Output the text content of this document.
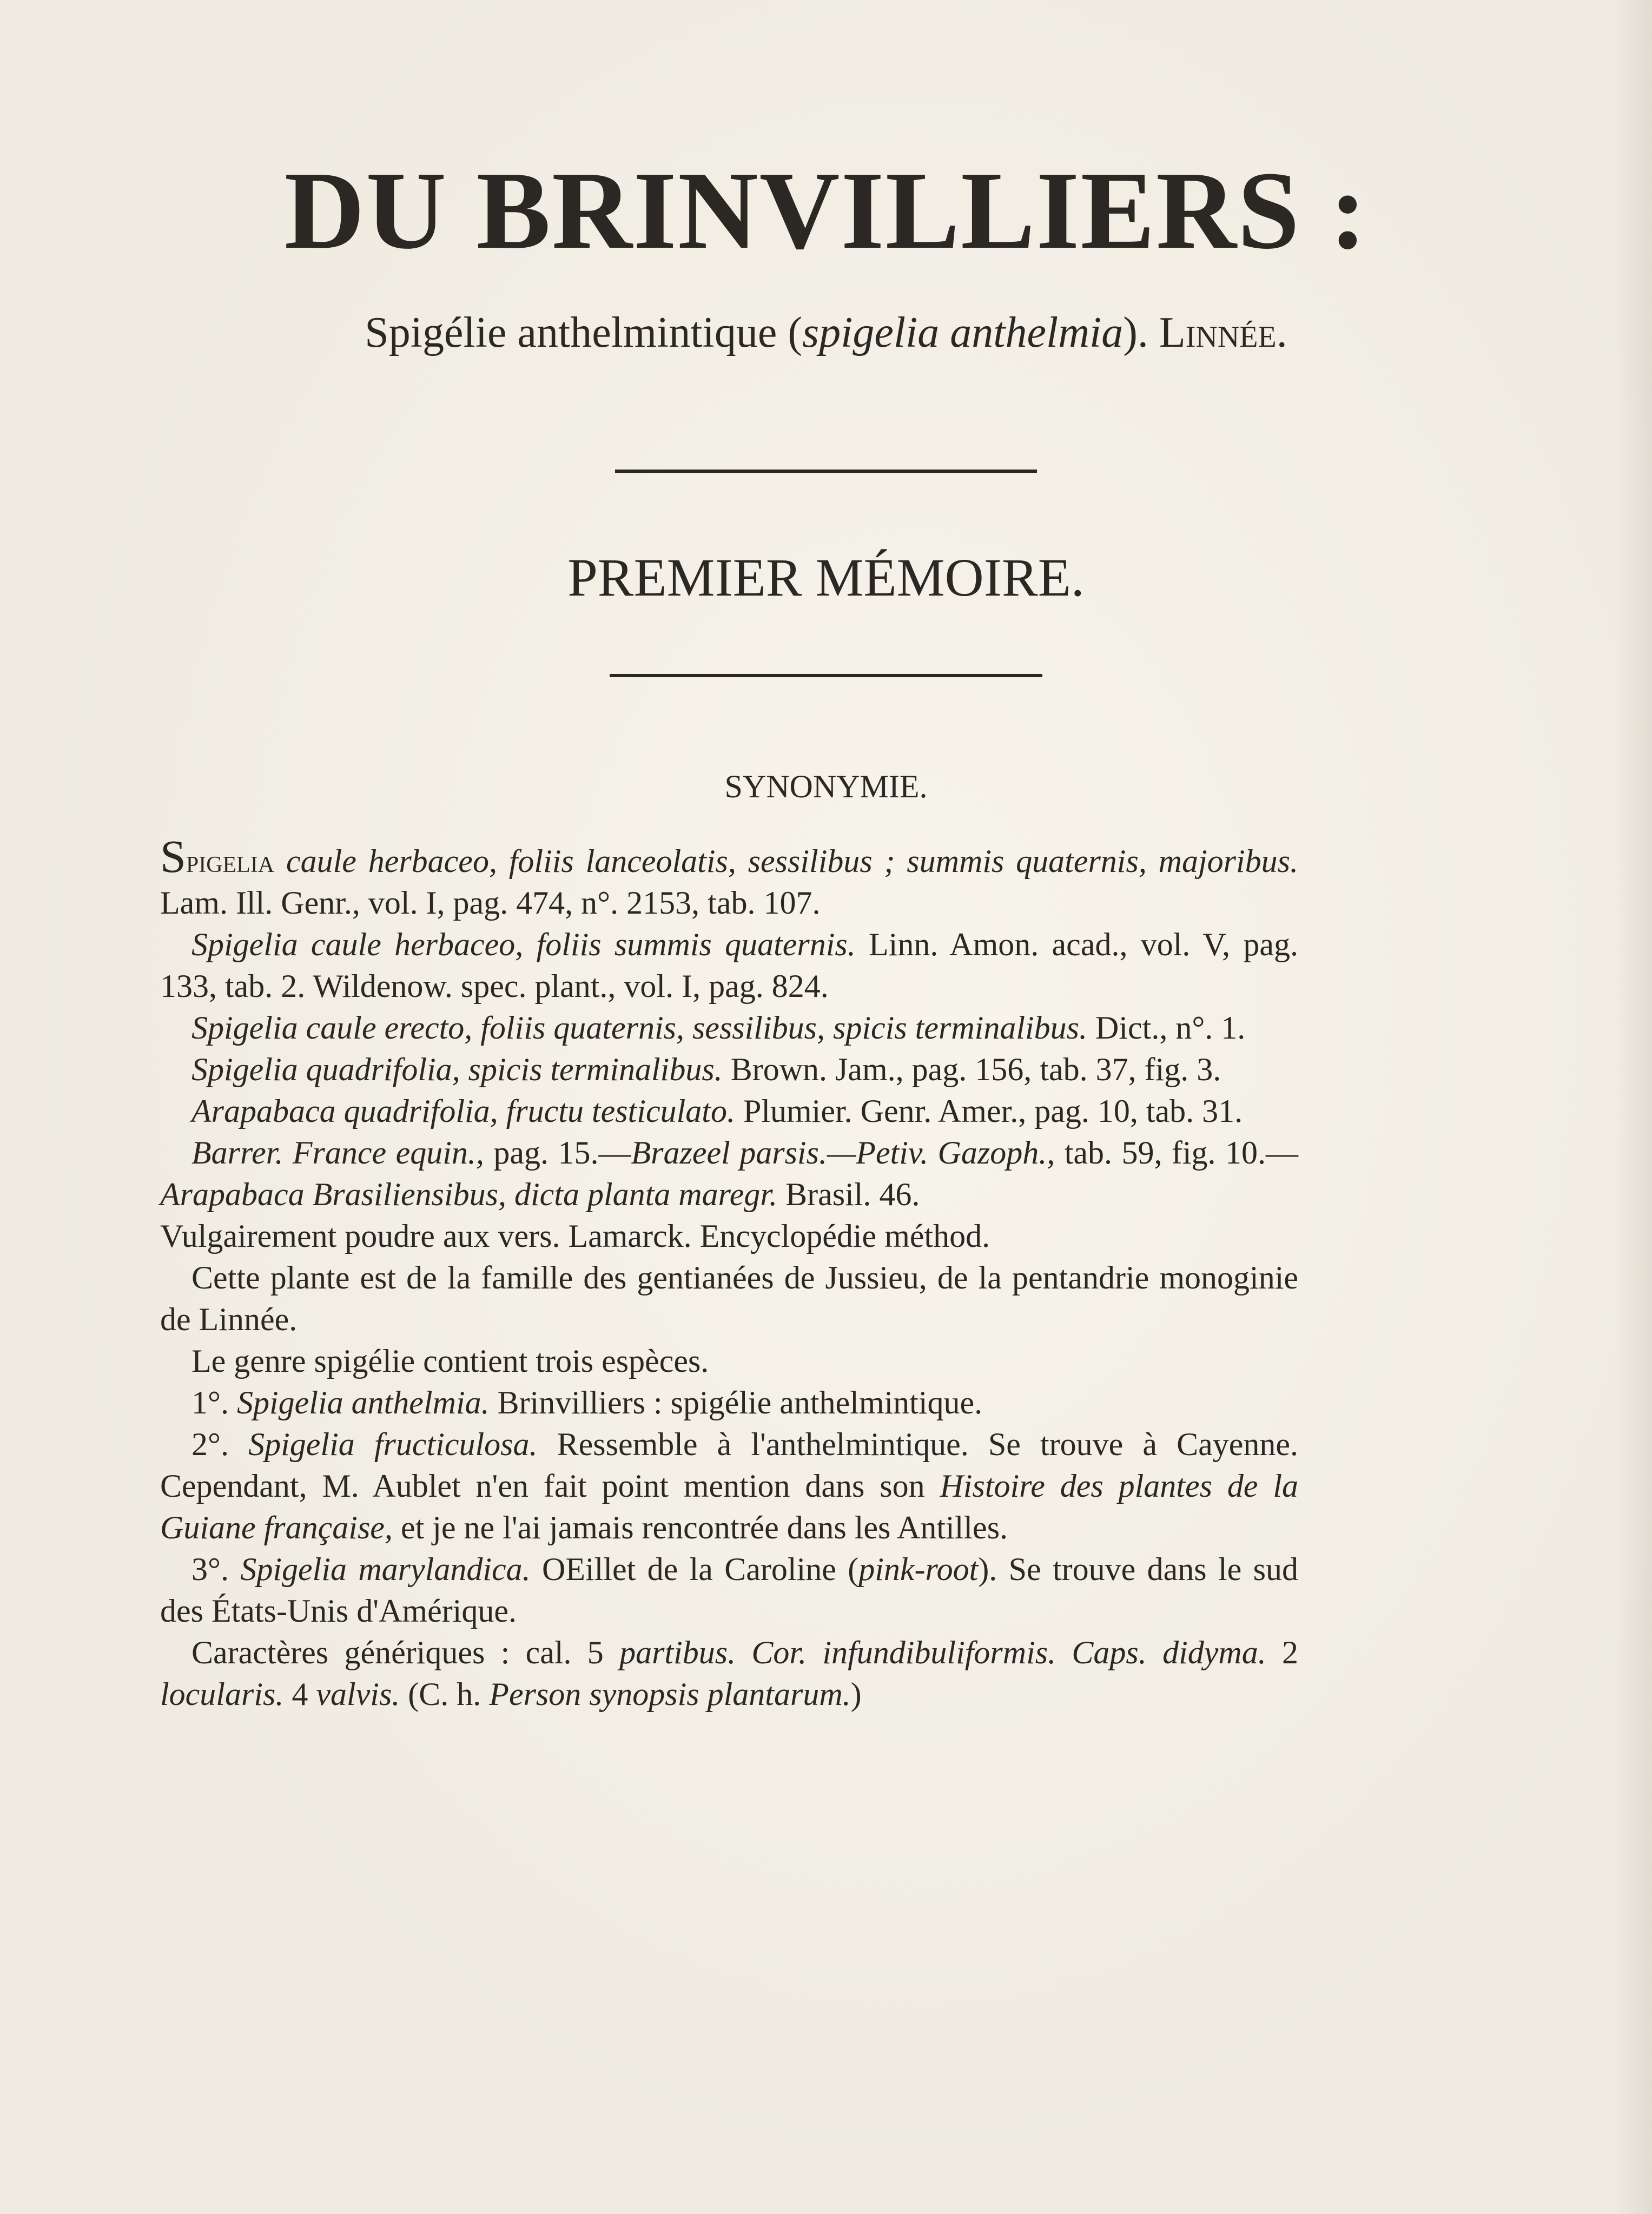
DU BRINVILLIERS :
Spigélie anthelmintique (spigelia anthelmia). Linnée.
PREMIER MÉMOIRE.
SYNONYMIE.

Spigelia caule herbaceo, foliis lanceolatis, sessilibus ; summis quaternis, majoribus. Lam. Ill. Genr., vol. I, pag. 474, n°. 2153, tab. 107.

Spigelia caule herbaceo, foliis summis quaternis. Linn. Amon. acad., vol. V, pag. 133, tab. 2. Wildenow. spec. plant., vol. I, pag. 824.

Spigelia caule erecto, foliis quaternis, sessilibus, spicis terminalibus. Dict., n°. 1.

Spigelia quadrifolia, spicis terminalibus. Brown. Jam., pag. 156, tab. 37, fig. 3.

Arapabaca quadrifolia, fructu testiculato. Plumier. Genr. Amer., pag. 10, tab. 31.

Barrer. France equin., pag. 15.—Brazeel parsis.—Petiv. Gazoph., tab. 59, fig. 10.—Arapabaca Brasiliensibus, dicta planta maregr. Brasil. 46.

Vulgairement poudre aux vers. Lamarck. Encyclopédie méthod.

Cette plante est de la famille des gentianées de Jussieu, de la pentandrie monoginie de Linnée.

Le genre spigélie contient trois espèces.

1°. Spigelia anthelmia. Brinvilliers : spigélie anthelmintique.

2°. Spigelia fructiculosa. Ressemble à l'anthelmintique. Se trouve à Cayenne. Cependant, M. Aublet n'en fait point mention dans son Histoire des plantes de la Guiane française, et je ne l'ai jamais rencontrée dans les Antilles.

3°. Spigelia marylandica. OEillet de la Caroline (pink-root). Se trouve dans le sud des États-Unis d'Amérique.

Caractères génériques : cal. 5 partibus. Cor. infundibuliformis. Caps. didyma. 2 locularis. 4 valvis. (C. h. Person synopsis plantarum.)
